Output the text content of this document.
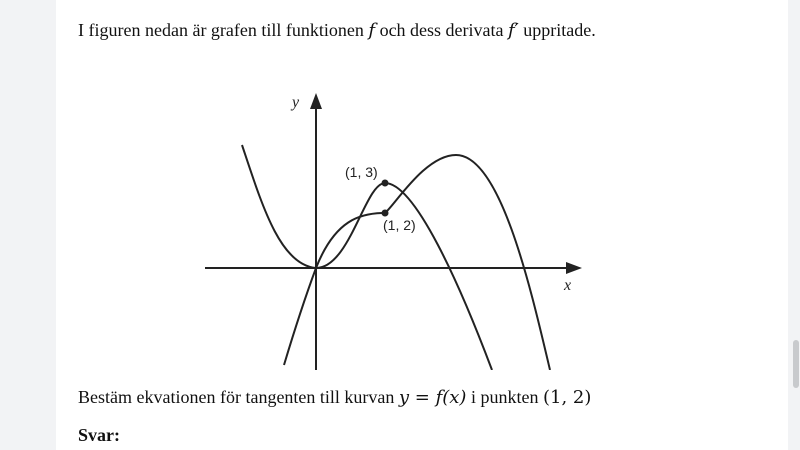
I figuren nedan är grafen till funktionen f och dess derivata f′ uppritade.
(1, 3)
(1, 2)
y
x
Bestäm ekvationen för tangenten till kurvan y = f(x) i punkten (1, 2)
Svar:
